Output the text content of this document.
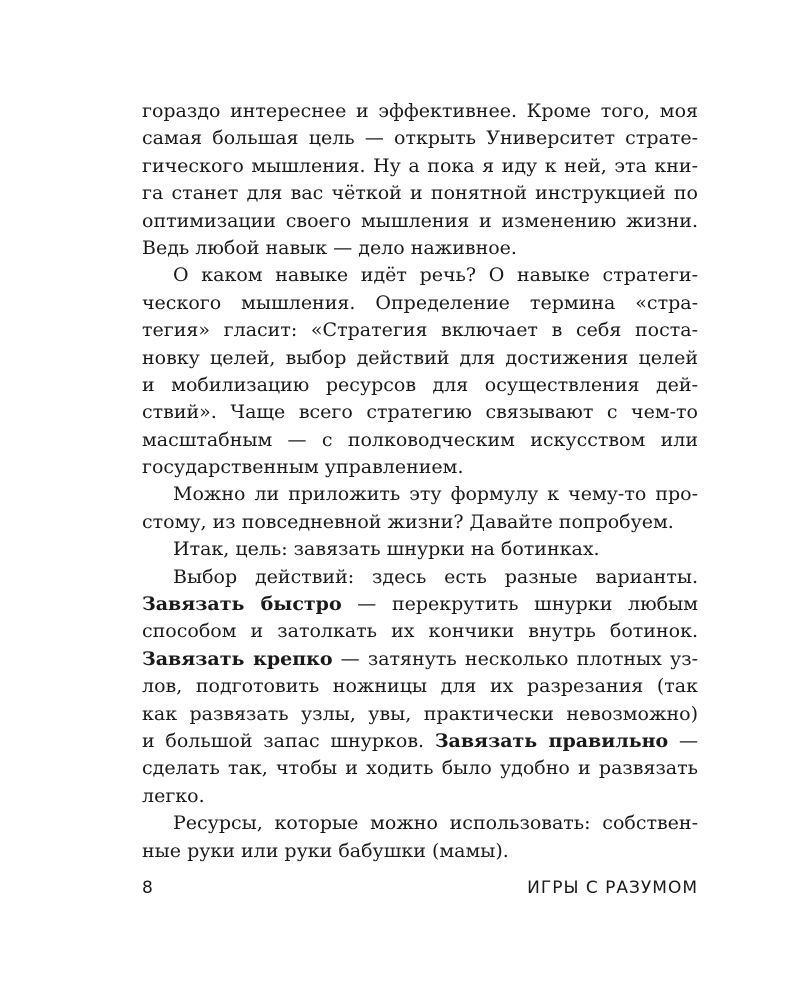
гораздо интереснее и эффективнее. Кроме того, моя
самая большая цель — открыть Университет страте-
гического мышления. Ну а пока я иду к ней, эта кни-
га станет для вас чёткой и понятной инструкцией по
оптимизации своего мышления и изменению жизни.
Ведь любой навык — дело наживное.
О каком навыке идёт речь? О навыке стратеги-
ческого мышления. Определение термина «стра-
тегия» гласит: «Стратегия включает в себя поста-
новку целей, выбор действий для достижения целей
и мобилизацию ресурсов для осуществления дей-
ствий». Чаще всего стратегию связывают с чем-то
масштабным — с полководческим искусством или
государственным управлением.
Можно ли приложить эту формулу к чему-то про-
стому, из повседневной жизни? Давайте попробуем.
Итак, цель: завязать шнурки на ботинках.
Выбор действий: здесь есть разные варианты.
Завязать быстро — перекрутить шнурки любым
способом и затолкать их кончики внутрь ботинок.
Завязать крепко — затянуть несколько плотных уз-
лов, подготовить ножницы для их разрезания (так
как развязать узлы, увы, практически невозможно)
и большой запас шнурков. Завязать правильно —
сделать так, чтобы и ходить было удобно и развязать
легко.
Ресурсы, которые можно использовать: собствен-
ные руки или руки бабушки (мамы).
8	ИГРЫ С РАЗУМОМ
